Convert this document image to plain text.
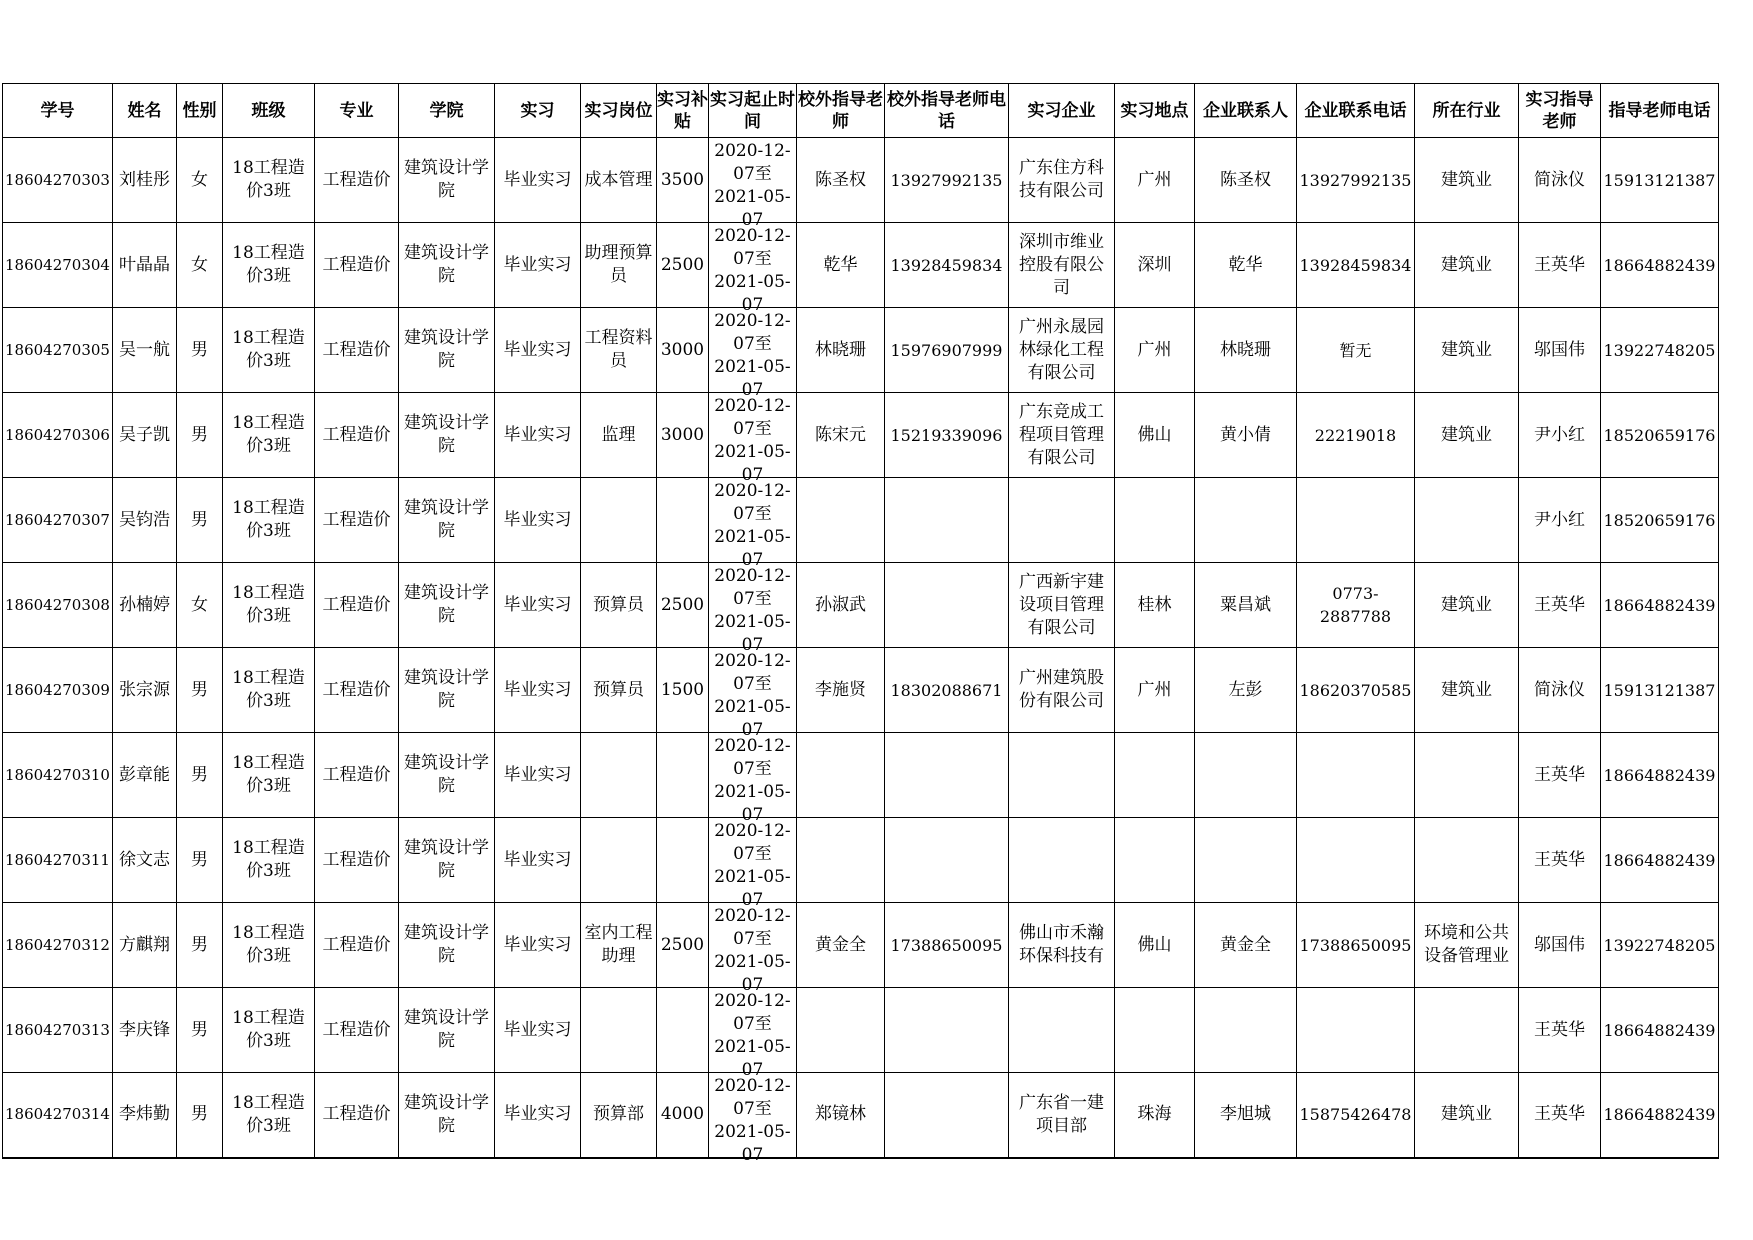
学号	姓名	性别	班级	专业	学院	实习	实习岗位	实习补贴	实习起止时间	校外指导老师	校外指导老师电话	实习企业	实习地点	企业联系人	企业联系电话	所在行业	实习指导老师	指导老师电话

18604270303	刘桂彤	女	18工程造价3班	工程造价	建筑设计学院	毕业实习	成本管理	3500	2020-12-07至2021-05-07	陈圣权	13927992135	广东住方科技有限公司	广州	陈圣权	13927992135	建筑业	简泳仪	15913121387

18604270304	叶晶晶	女	18工程造价3班	工程造价	建筑设计学院	毕业实习	助理预算员	2500	2020-12-07至2021-05-07	乾华	13928459834	深圳市维业控股有限公司	深圳	乾华	13928459834	建筑业	王英华	18664882439

18604270305	吴一航	男	18工程造价3班	工程造价	建筑设计学院	毕业实习	工程资料员	3000	2020-12-07至2021-05-07	林晓珊	15976907999	广州永晟园林绿化工程有限公司	广州	林晓珊	暂无	建筑业	邬国伟	13922748205

18604270306	吴子凯	男	18工程造价3班	工程造价	建筑设计学院	毕业实习	监理	3000	2020-12-07至2021-05-07	陈宋元	15219339096	广东竞成工程项目管理有限公司	佛山	黄小倩	22219018	建筑业	尹小红	18520659176

18604270307	吴钧浩	男	18工程造价3班	工程造价	建筑设计学院	毕业实习			2020-12-07至2021-05-07								尹小红	18520659176

18604270308	孙楠婷	女	18工程造价3班	工程造价	建筑设计学院	毕业实习	预算员	2500	2020-12-07至2021-05-07	孙淑武		广西新宇建设项目管理有限公司	桂林	粟昌斌	0773-2887788	建筑业	王英华	18664882439

18604270309	张宗源	男	18工程造价3班	工程造价	建筑设计学院	毕业实习	预算员	1500	2020-12-07至2021-05-07	李施贤	18302088671	广州建筑股份有限公司	广州	左彭	18620370585	建筑业	简泳仪	15913121387

18604270310	彭章能	男	18工程造价3班	工程造价	建筑设计学院	毕业实习			2020-12-07至2021-05-07								王英华	18664882439

18604270311	徐文志	男	18工程造价3班	工程造价	建筑设计学院	毕业实习			2020-12-07至2021-05-07								王英华	18664882439

18604270312	方麒翔	男	18工程造价3班	工程造价	建筑设计学院	毕业实习	室内工程助理	2500	2020-12-07至2021-05-07	黄金全	17388650095	佛山市禾瀚环保科技有	佛山	黄金全	17388650095	环境和公共设备管理业	邬国伟	13922748205

18604270313	李庆锋	男	18工程造价3班	工程造价	建筑设计学院	毕业实习			2020-12-07至2021-05-07								王英华	18664882439

18604270314	李炜勤	男	18工程造价3班	工程造价	建筑设计学院	毕业实习	预算部	4000	2020-12-07至2021-05-07	郑镜林		广东省一建项目部	珠海	李旭城	15875426478	建筑业	王英华	18664882439
